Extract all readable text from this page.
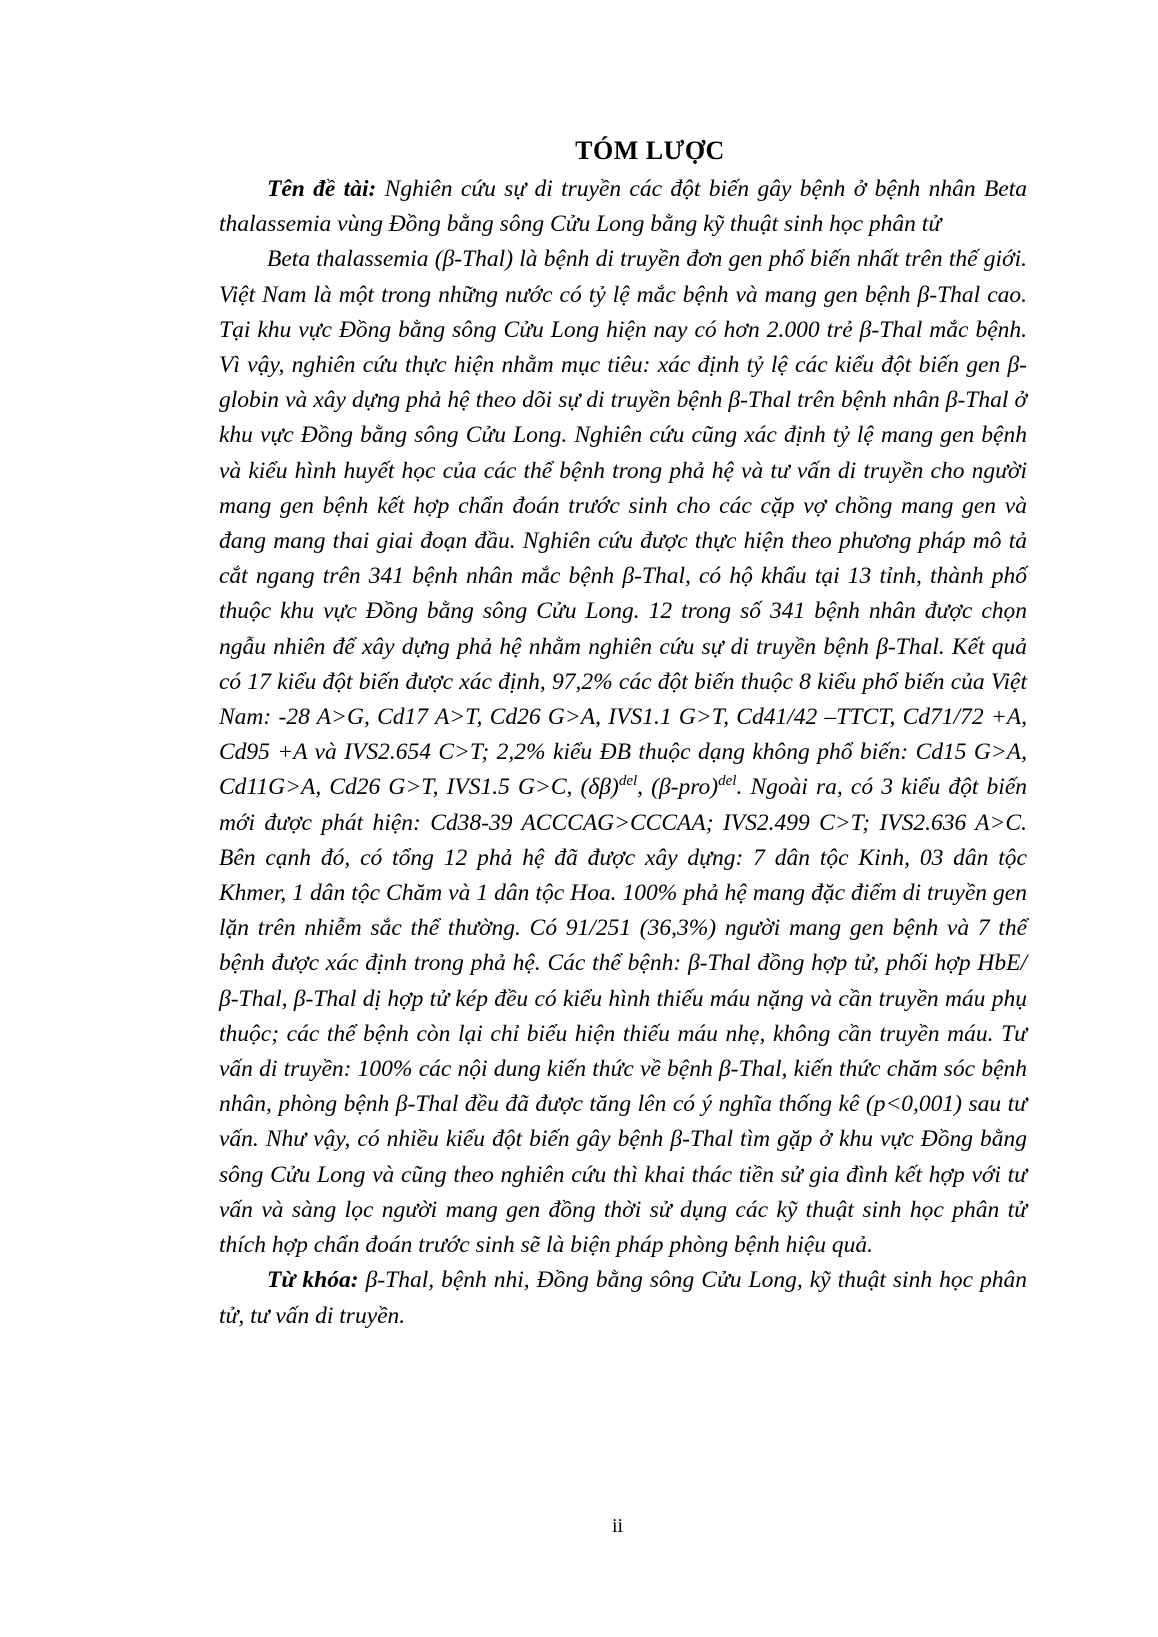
TÓM LƯỢC

Tên đề tài: Nghiên cứu sự di truyền các đột biến gây bệnh ở bệnh nhân Beta thalassemia vùng Đồng bằng sông Cửu Long bằng kỹ thuật sinh học phân tử

Beta thalassemia (β-Thal) là bệnh di truyền đơn gen phổ biến nhất trên thế giới. Việt Nam là một trong những nước có tỷ lệ mắc bệnh và mang gen bệnh β-Thal cao. Tại khu vực Đồng bằng sông Cửu Long hiện nay có hơn 2.000 trẻ β-Thal mắc bệnh. Vì vậy, nghiên cứu thực hiện nhằm mục tiêu: xác định tỷ lệ các kiểu đột biến gen β-globin và xây dựng phả hệ theo dõi sự di truyền bệnh β-Thal trên bệnh nhân β-Thal ở khu vực Đồng bằng sông Cửu Long. Nghiên cứu cũng xác định tỷ lệ mang gen bệnh và kiểu hình huyết học của các thể bệnh trong phả hệ và tư vấn di truyền cho người mang gen bệnh kết hợp chẩn đoán trước sinh cho các cặp vợ chồng mang gen và đang mang thai giai đoạn đầu. Nghiên cứu được thực hiện theo phương pháp mô tả cắt ngang trên 341 bệnh nhân mắc bệnh β-Thal, có hộ khẩu tại 13 tỉnh, thành phố thuộc khu vực Đồng bằng sông Cửu Long. 12 trong số 341 bệnh nhân được chọn ngẫu nhiên để xây dựng phả hệ nhằm nghiên cứu sự di truyền bệnh β-Thal. Kết quả có 17 kiểu đột biến được xác định, 97,2% các đột biến thuộc 8 kiểu phổ biến của Việt Nam: -28 A>G, Cd17 A>T, Cd26 G>A, IVS1.1 G>T, Cd41/42 –TTCT, Cd71/72 +A, Cd95 +A và IVS2.654 C>T; 2,2% kiểu ĐB thuộc dạng không phổ biến: Cd15 G>A, Cd11G>A, Cd26 G>T, IVS1.5 G>C, $(\delta\beta)^{del}$, $(\beta-pro)^{del}$. Ngoài ra, có 3 kiểu đột biến mới được phát hiện: Cd38-39 ACCCAG>CCCAA; IVS2.499 C>T; IVS2.636 A>C. Bên cạnh đó, có tổng 12 phả hệ đã được xây dựng: 7 dân tộc Kinh, 03 dân tộc Khmer, 1 dân tộc Chăm và 1 dân tộc Hoa. 100% phả hệ mang đặc điểm di truyền gen lặn trên nhiễm sắc thể thường. Có 91/251 (36,3%) người mang gen bệnh và 7 thể bệnh được xác định trong phả hệ. Các thể bệnh: β-Thal đồng hợp tử, phối hợp HbE/β-Thal, β-Thal dị hợp tử kép đều có kiểu hình thiếu máu nặng và cần truyền máu phụ thuộc; các thể bệnh còn lại chỉ biểu hiện thiếu máu nhẹ, không cần truyền máu. Tư vấn di truyền: 100% các nội dung kiến thức về bệnh β-Thal, kiến thức chăm sóc bệnh nhân, phòng bệnh β-Thal đều đã được tăng lên có ý nghĩa thống kê (p<0,001) sau tư vấn. Như vậy, có nhiều kiểu đột biến gây bệnh β-Thal tìm gặp ở khu vực Đồng bằng sông Cửu Long và cũng theo nghiên cứu thì khai thác tiền sử gia đình kết hợp với tư vấn và sàng lọc người mang gen đồng thời sử dụng các kỹ thuật sinh học phân tử thích hợp chẩn đoán trước sinh sẽ là biện pháp phòng bệnh hiệu quả.

Từ khóa: β-Thal, bệnh nhi, Đồng bằng sông Cửu Long, kỹ thuật sinh học phân tử, tư vấn di truyền.

ii
